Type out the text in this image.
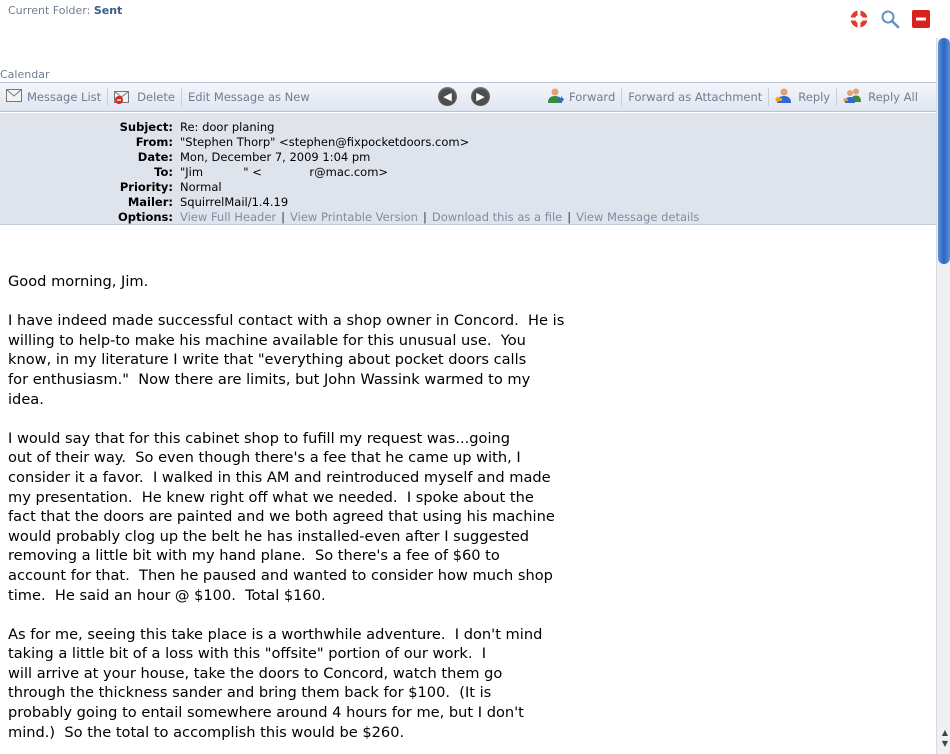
Current Folder: Sent
Calendar
Message List	Delete Edit Message as New	◀	▶	Forward Forward as Attachment	Reply	Reply All
Subject: Re: door planing
From: "Stephen Thorp" <stephen@fixpocketdoors.com>
Date: Mon, December 7, 2009 1:04 pm
To: "Jim           " <             r@mac.com>
Priority: Normal
Mailer: SquirrelMail/1.4.19
Options: View Full Header | View Printable Version | Download this as a file | View Message details
Good morning, Jim.

I have indeed made successful contact with a shop owner in Concord.  He is
willing to help-to make his machine available for this unusual use.  You
know, in my literature I write that "everything about pocket doors calls
for enthusiasm."  Now there are limits, but John Wassink warmed to my
idea.

I would say that for this cabinet shop to fufill my request was...going
out of their way.  So even though there's a fee that he came up with, I
consider it a favor.  I walked in this AM and reintroduced myself and made
my presentation.  He knew right off what we needed.  I spoke about the
fact that the doors are painted and we both agreed that using his machine
would probably clog up the belt he has installed-even after I suggested
removing a little bit with my hand plane.  So there's a fee of $60 to
account for that.  Then he paused and wanted to consider how much shop
time.  He said an hour @ $100.  Total $160.

As for me, seeing this take place is a worthwhile adventure.  I don't mind
taking a little bit of a loss with this "offsite" portion of our work.  I
will arrive at your house, take the doors to Concord, watch them go
through the thickness sander and bring them back for $100.  (It is
probably going to entail somewhere around 4 hours for me, but I don't
mind.)  So the total to accomplish this would be $260.	▲
▼
